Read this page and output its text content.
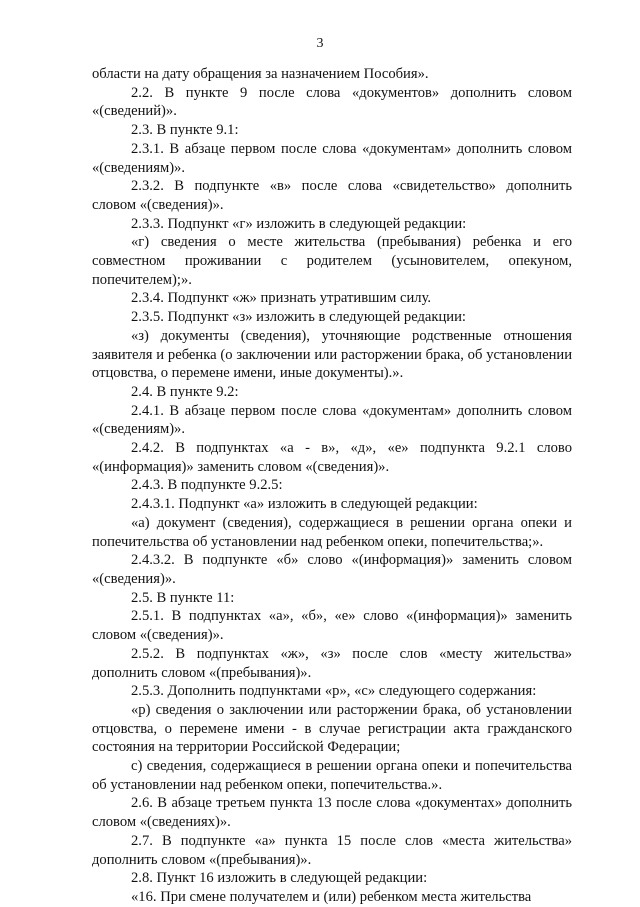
3

области на дату обращения за назначением Пособия».

2.2. В пункте 9 после слова «документов» дополнить словом «(сведений)».

2.3. В пункте 9.1:

2.3.1. В абзаце первом после слова «документам» дополнить словом «(сведениям)».

2.3.2. В подпункте «в» после слова «свидетельство» дополнить словом «(сведения)».

2.3.3. Подпункт «г» изложить в следующей редакции:

«г) сведения о месте жительства (пребывания) ребенка и его совместном проживании с родителем (усыновителем, опекуном, попечителем);».

2.3.4. Подпункт «ж» признать утратившим силу.

2.3.5. Подпункт «з» изложить в следующей редакции:

«з) документы (сведения), уточняющие родственные отношения заявителя и ребенка (о заключении или расторжении брака, об установлении отцовства, о перемене имени, иные документы).».

2.4. В пункте 9.2:

2.4.1. В абзаце первом после слова «документам» дополнить словом «(сведениям)».

2.4.2. В подпунктах «а - в», «д», «е» подпункта 9.2.1 слово «(информация)» заменить словом «(сведения)».

2.4.3. В подпункте 9.2.5:

2.4.3.1. Подпункт «а» изложить в следующей редакции:

«а) документ (сведения), содержащиеся в решении органа опеки и попечительства об установлении над ребенком опеки, попечительства;».

2.4.3.2. В подпункте «б» слово «(информация)» заменить словом «(сведения)».

2.5. В пункте 11:

2.5.1. В подпунктах «а», «б», «е» слово «(информация)» заменить словом «(сведения)».

2.5.2. В подпунктах «ж», «з» после слов «месту жительства» дополнить словом «(пребывания)».

2.5.3. Дополнить подпунктами «р», «с» следующего содержания:

«р) сведения о заключении или расторжении брака, об установлении отцовства, о перемене имени - в случае регистрации акта гражданского состояния на территории Российской Федерации;

с) сведения, содержащиеся в решении органа опеки и попечительства об установлении над ребенком опеки, попечительства.».

2.6. В абзаце третьем пункта 13 после слова «документах» дополнить словом «(сведениях)».

2.7. В подпункте «а» пункта 15 после слов «места жительства» дополнить словом «(пребывания)».

2.8. Пункт 16 изложить в следующей редакции:

«16. При смене получателем и (или) ребенком места жительства
